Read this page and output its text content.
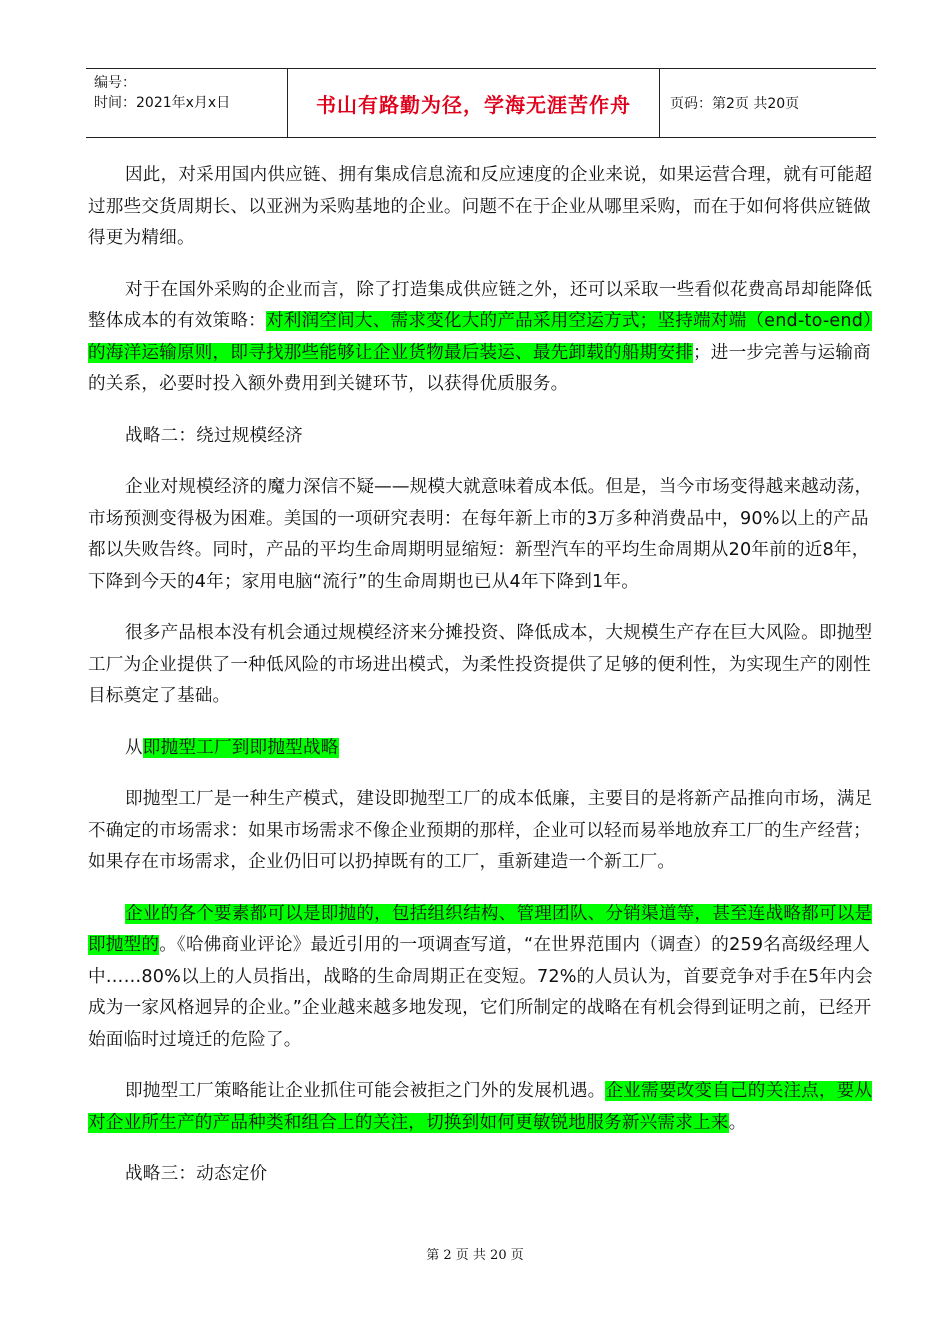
编号：
时间：2021年x月x日	书山有路勤为径，学海无涯苦作舟	页码：第2页 共20页

因此，对采用国内供应链、拥有集成信息流和反应速度的企业来说，如果运营合理，就有可能超过那些交货周期长、以亚洲为采购基地的企业。问题不在于企业从哪里采购，而在于如何将供应链做得更为精细。

对于在国外采购的企业而言，除了打造集成供应链之外，还可以采取一些看似花费高昂却能降低整体成本的有效策略：对利润空间大、需求变化大的产品采用空运方式；坚持端对端（end-to-end）的海洋运输原则，即寻找那些能够让企业货物最后装运、最先卸载的船期安排；进一步完善与运输商的关系，必要时投入额外费用到关键环节，以获得优质服务。

战略二：绕过规模经济

企业对规模经济的魔力深信不疑——规模大就意味着成本低。但是，当今市场变得越来越动荡，市场预测变得极为困难。美国的一项研究表明：在每年新上市的3万多种消费品中，90%以上的产品都以失败告终。同时，产品的平均生命周期明显缩短：新型汽车的平均生命周期从20年前的近8年，下降到今天的4年；家用电脑“流行”的生命周期也已从4年下降到1年。

很多产品根本没有机会通过规模经济来分摊投资、降低成本，大规模生产存在巨大风险。即抛型工厂为企业提供了一种低风险的市场进出模式，为柔性投资提供了足够的便利性，为实现生产的刚性目标奠定了基础。

从即抛型工厂到即抛型战略

即抛型工厂是一种生产模式，建设即抛型工厂的成本低廉，主要目的是将新产品推向市场，满足不确定的市场需求：如果市场需求不像企业预期的那样，企业可以轻而易举地放弃工厂的生产经营；如果存在市场需求，企业仍旧可以扔掉既有的工厂，重新建造一个新工厂。

企业的各个要素都可以是即抛的，包括组织结构、管理团队、分销渠道等，甚至连战略都可以是即抛型的。《哈佛商业评论》最近引用的一项调查写道，“在世界范围内（调查）的259名高级经理人中……80%以上的人员指出，战略的生命周期正在变短。72%的人员认为，首要竞争对手在5年内会成为一家风格迥异的企业。”企业越来越多地发现，它们所制定的战略在有机会得到证明之前，已经开始面临时过境迁的危险了。

即抛型工厂策略能让企业抓住可能会被拒之门外的发展机遇。企业需要改变自己的关注点，要从对企业所生产的产品种类和组合上的关注，切换到如何更敏锐地服务新兴需求上来。

战略三：动态定价

第 2 页 共 20 页
